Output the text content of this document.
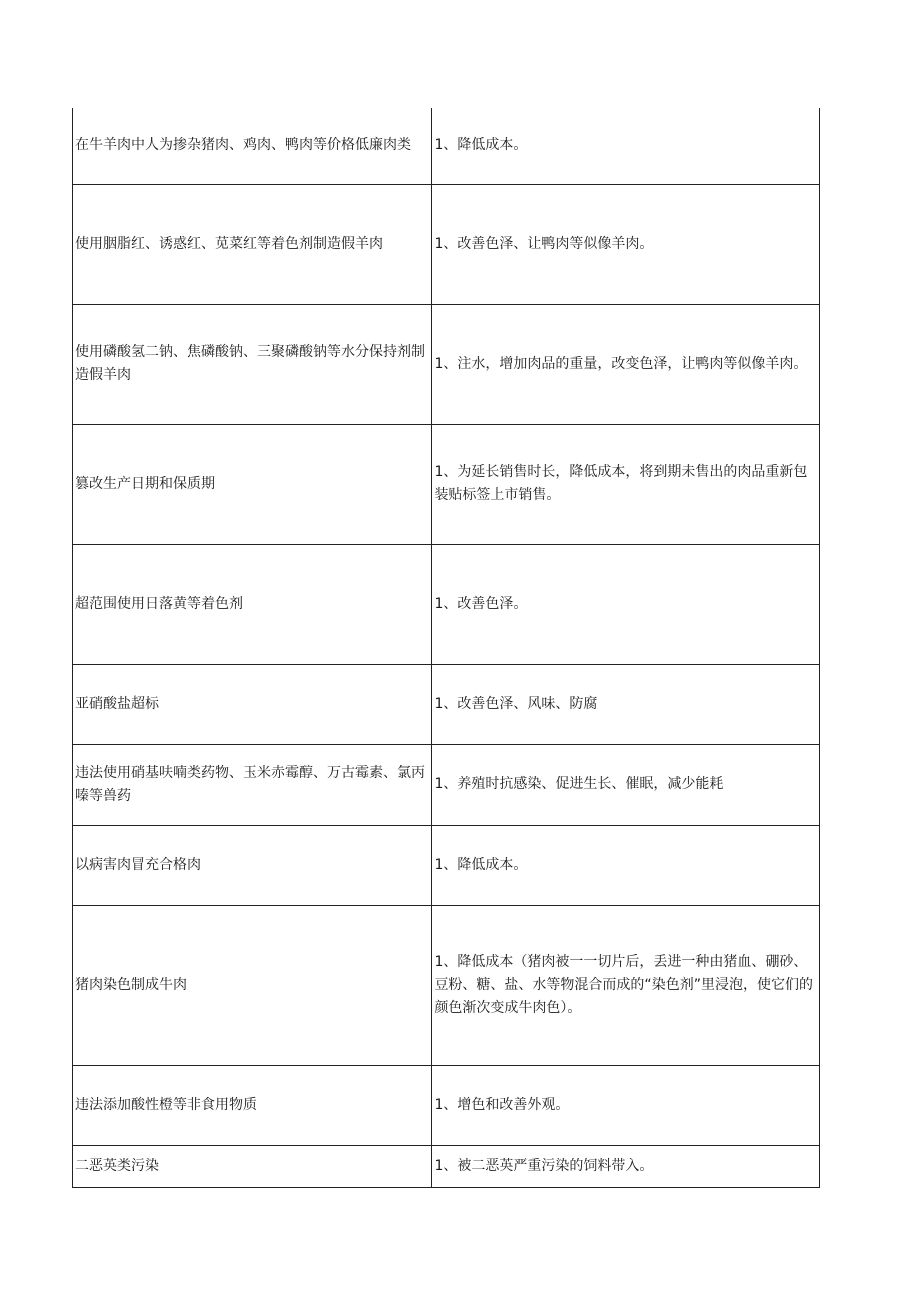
在牛羊肉中人为掺杂猪肉、鸡肉、鸭肉等价格低廉肉类	1、降低成本。
使用胭脂红、诱惑红、苋菜红等着色剂制造假羊肉	1、改善色泽、让鸭肉等似像羊肉。
使用磷酸氢二钠、焦磷酸钠、三聚磷酸钠等水分保持剂制造假羊肉	1、注水，增加肉品的重量，改变色泽，让鸭肉等似像羊肉。
篡改生产日期和保质期	1、为延长销售时长，降低成本，将到期未售出的肉品重新包装贴标签上市销售。
超范围使用日落黄等着色剂	1、改善色泽。
亚硝酸盐超标	1、改善色泽、风味、防腐
违法使用硝基呋喃类药物、玉米赤霉醇、万古霉素、氯丙嗪等兽药	1、养殖时抗感染、促进生长、催眠，减少能耗
以病害肉冒充合格肉	1、降低成本。
猪肉染色制成牛肉	1、降低成本（猪肉被一一切片后，丢进一种由猪血、硼砂、豆粉、糖、盐、水等物混合而成的“染色剂”里浸泡，使它们的颜色渐次变成牛肉色）。
违法添加酸性橙等非食用物质	1、增色和改善外观。
二恶英类污染	1、被二恶英严重污染的饲料带入。
